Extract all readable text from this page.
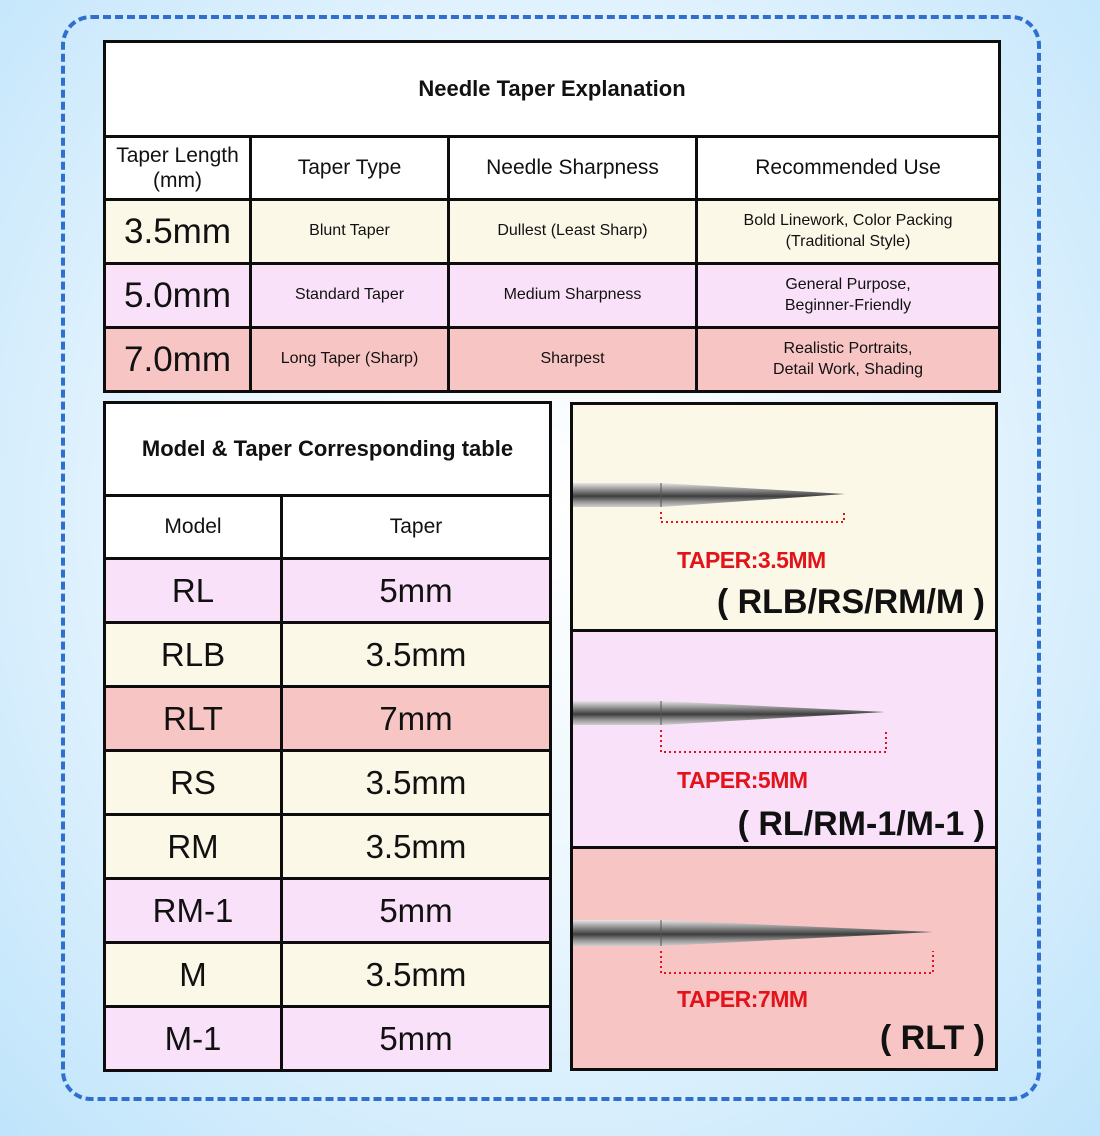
Needle Taper Explanation			
Taper Length (mm)	Taper Type	Needle Sharpness	Recommended Use
3.5mm	Blunt Taper	Dullest (Least Sharp)	Bold Linework, Color Packing
(Traditional Style)

5.0mm	Standard Taper	Medium Sharpness	General Purpose,
Beginner-Friendly

7.0mm	Long Taper (Sharp)	Sharpest	Realistic Portraits,
Detail Work, Shading
Model & Taper Corresponding table	
Model	Taper
RL	5mm
RLB	3.5mm
RLT	7mm
RS	3.5mm
RM	3.5mm
RM-1	5mm
M	3.5mm
M-1	5mm
TAPER:3.5MM
( RLB/RS/RM/M )
TAPER:5MM
( RL/RM-1/M-1 )
TAPER:7MM
( RLT )
